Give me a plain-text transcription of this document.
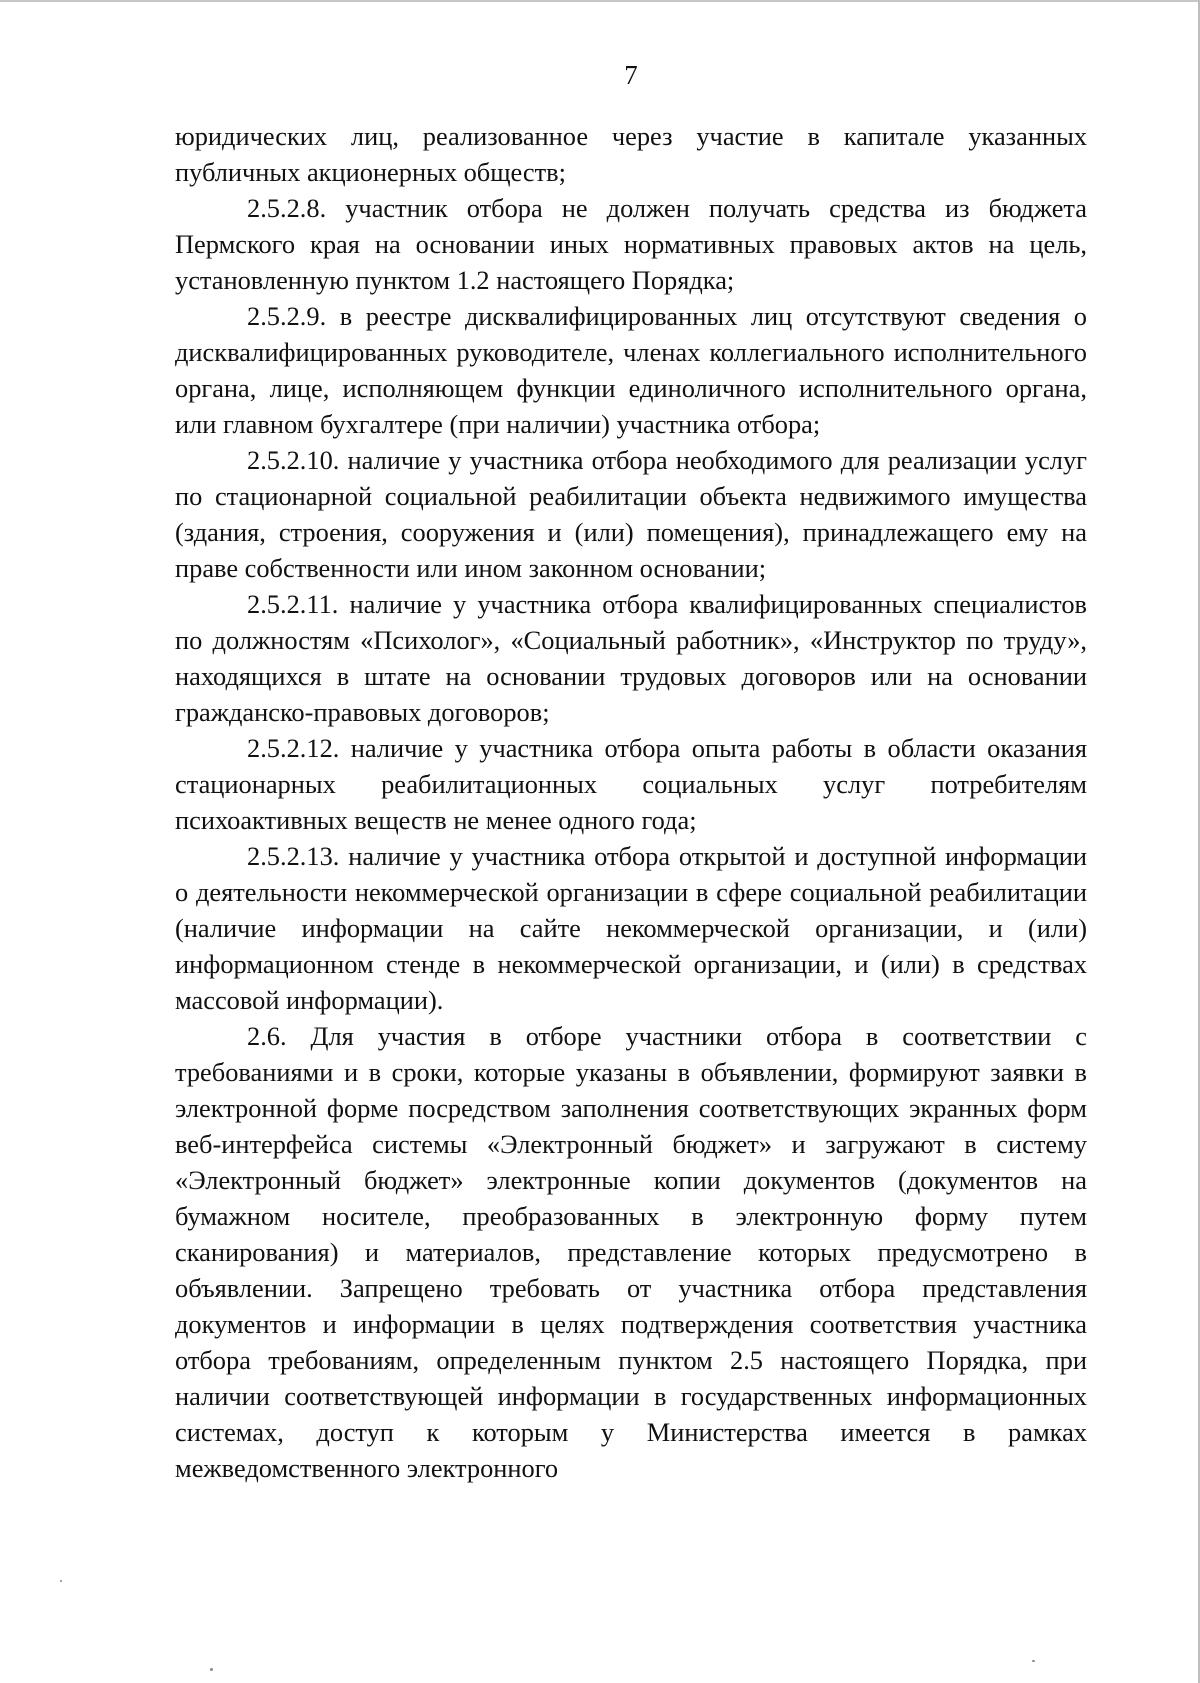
7

юридических лиц, реализованное через участие в капитале указанных публичных акционерных обществ;

2.5.2.8. участник отбора не должен получать средства из бюджета Пермского края на основании иных нормативных правовых актов на цель, установленную пунктом 1.2 настоящего Порядка;

2.5.2.9. в реестре дисквалифицированных лиц отсутствуют сведения о дисквалифицированных руководителе, членах коллегиального исполнительного органа, лице, исполняющем функции единоличного исполнительного органа, или главном бухгалтере (при наличии) участника отбора;

2.5.2.10. наличие у участника отбора необходимого для реализации услуг по стационарной социальной реабилитации объекта недвижимого имущества (здания, строения, сооружения и (или) помещения), принадлежащего ему на праве собственности или ином законном основании;

2.5.2.11. наличие у участника отбора квалифицированных специалистов по должностям «Психолог», «Социальный работник», «Инструктор по труду», находящихся в штате на основании трудовых договоров или на основании гражданско-правовых договоров;

2.5.2.12. наличие у участника отбора опыта работы в области оказания стационарных реабилитационных социальных услуг потребителям психоактивных веществ не менее одного года;

2.5.2.13. наличие у участника отбора открытой и доступной информации о деятельности некоммерческой организации в сфере социальной реабилитации (наличие информации на сайте некоммерческой организации, и (или) информационном стенде в некоммерческой организации, и (или) в средствах массовой информации).

2.6. Для участия в отборе участники отбора в соответствии с требованиями и в сроки, которые указаны в объявлении, формируют заявки в электронной форме посредством заполнения соответствующих экранных форм веб-интерфейса системы «Электронный бюджет» и загружают в систему «Электронный бюджет» электронные копии документов (документов на бумажном носителе, преобразованных в электронную форму путем сканирования) и материалов, представление которых предусмотрено в объявлении. Запрещено требовать от участника отбора представления документов и информации в целях подтверждения соответствия участника отбора требованиям, определенным пунктом 2.5 настоящего Порядка, при наличии соответствующей информации в государственных информационных системах, доступ к которым у Министерства имеется в рамках межведомственного электронного
